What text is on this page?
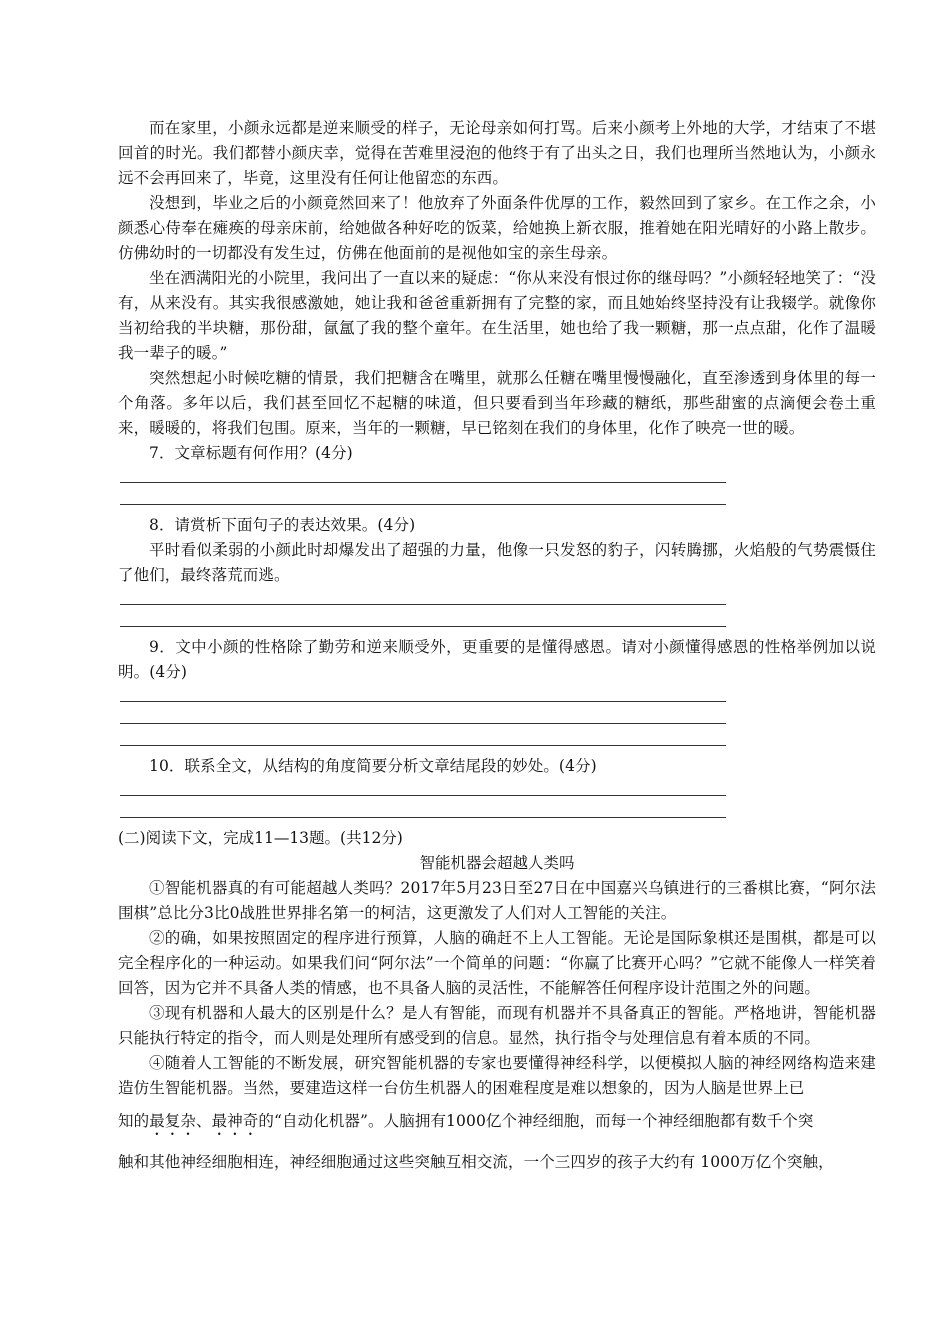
而在家里，小颜永远都是逆来顺受的样子，无论母亲如何打骂。后来小颜考上外地的大学，才结束了不堪回首的时光。我们都替小颜庆幸，觉得在苦难里浸泡的他终于有了出头之日，我们也理所当然地认为，小颜永远不会再回来了，毕竟，这里没有任何让他留恋的东西。

没想到，毕业之后的小颜竟然回来了！他放弃了外面条件优厚的工作，毅然回到了家乡。在工作之余，小颜悉心侍奉在瘫痪的母亲床前，给她做各种好吃的饭菜，给她换上新衣服，推着她在阳光晴好的小路上散步。仿佛幼时的一切都没有发生过，仿佛在他面前的是视他如宝的亲生母亲。

坐在洒满阳光的小院里，我问出了一直以来的疑虑：“你从来没有恨过你的继母吗？”小颜轻轻地笑了：“没有，从来没有。其实我很感激她，她让我和爸爸重新拥有了完整的家，而且她始终坚持没有让我辍学。就像你当初给我的半块糖，那份甜，氤氲了我的整个童年。在生活里，她也给了我一颗糖，那一点点甜，化作了温暖我一辈子的暖。”

突然想起小时候吃糖的情景，我们把糖含在嘴里，就那么任糖在嘴里慢慢融化，直至渗透到身体里的每一个角落。多年以后，我们甚至回忆不起糖的味道，但只要看到当年珍藏的糖纸，那些甜蜜的点滴便会卷土重来，暖暖的，将我们包围。原来，当年的一颗糖，早已铭刻在我们的身体里，化作了映亮一世的暖。

7．文章标题有何作用？(4分)

8．请赏析下面句子的表达效果。(4分)

平时看似柔弱的小颜此时却爆发出了超强的力量，他像一只发怒的豹子，闪转腾挪，火焰般的气势震慑住了他们，最终落荒而逃。

9．文中小颜的性格除了勤劳和逆来顺受外，更重要的是懂得感恩。请对小颜懂得感恩的性格举例加以说明。(4分)

10．联系全文，从结构的角度简要分析文章结尾段的妙处。(4分)

(二)阅读下文，完成11—13题。(共12分)

智能机器会超越人类吗

①智能机器真的有可能超越人类吗？2017年5月23日至27日在中国嘉兴乌镇进行的三番棋比赛，“阿尔法围棋”总比分3比0战胜世界排名第一的柯洁，这更激发了人们对人工智能的关注。

②的确，如果按照固定的程序进行预算，人脑的确赶不上人工智能。无论是国际象棋还是围棋，都是可以完全程序化的一种运动。如果我们问“阿尔法”一个简单的问题：“你赢了比赛开心吗？”它就不能像人一样笑着回答，因为它并不具备人类的情感，也不具备人脑的灵活性，不能解答任何程序设计范围之外的问题。

③现有机器和人最大的区别是什么？是人有智能，而现有机器并不具备真正的智能。严格地讲，智能机器只能执行特定的指令，而人则是处理所有感受到的信息。显然，执行指令与处理信息有着本质的不同。

④随着人工智能的不断发展，研究智能机器的专家也要懂得神经科学，以便模拟人脑的神经网络构造来建造仿生智能机器。当然，要建造这样一台仿生机器人的困难程度是难以想象的，因为人脑是世界上已

知的最复杂、最神奇的“自动化机器”。人脑拥有1000亿个神经细胞，而每一个神经细胞都有数千个突

触和其他神经细胞相连，神经细胞通过这些突触互相交流，一个三四岁的孩子大约有 1000万亿个突触，
